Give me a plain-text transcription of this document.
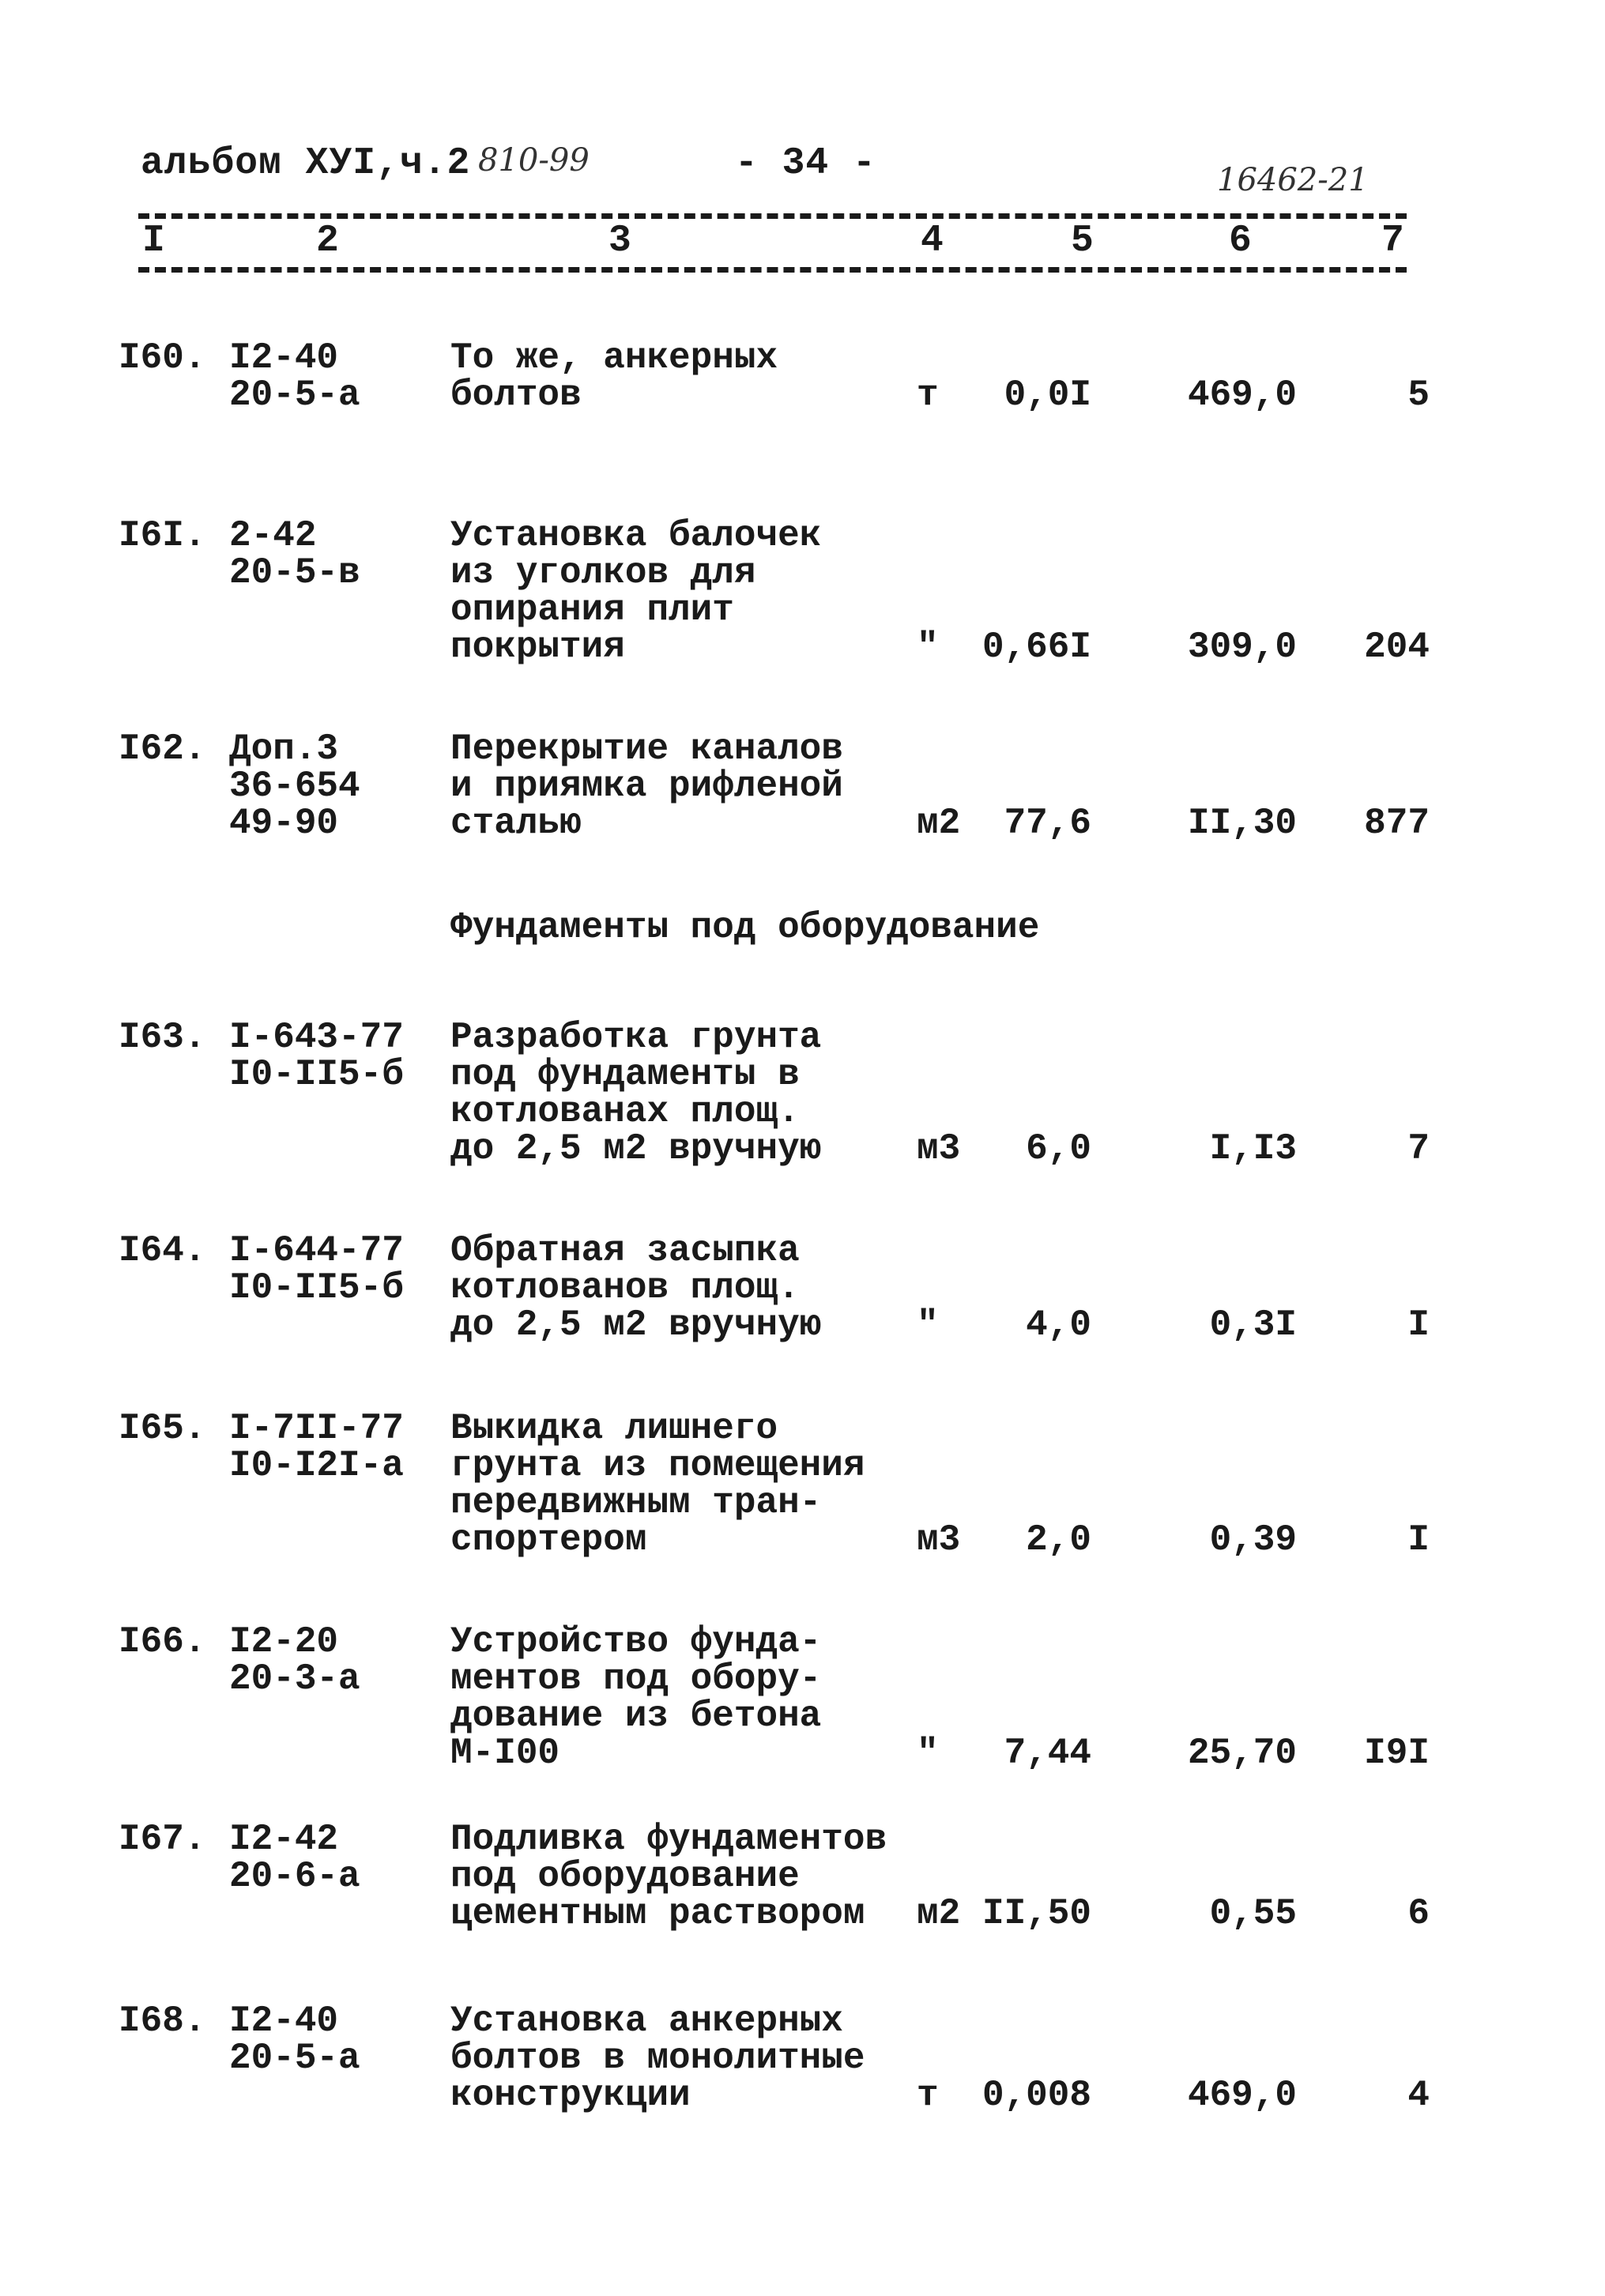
альбом ХУI,ч.2 810-99	- 34 -	16462-21
I	2	3	4	5	6	7
I60. I2-40
20-5-а
То же, анкерных
болтов	т 0,0I	469,0	5
I6I. 2-42
20-5-в
Установка балочек
из уголков для
опирания плит
покрытия	" 0,66I	309,0 204
I62. Доп.3
36-654
49-90
Перекрытие каналов
и приямка рифленой
сталью	м2 77,6	II,30 877
Фундаменты под оборудование
I63. I-643-77
I0-II5-б
Разработка грунта
под фундаменты в
котлованах площ.
до 2,5 м2 вручную	м3 6,0	I,I3	7
I64. I-644-77
I0-II5-б
Обратная засыпка
котлованов площ.
до 2,5 м2 вручную	" 4,0	0,3I	I
I65. I-7II-77
I0-I2I-а
Выкидка лишнего
грунта из помещения
передвижным тран-
спортером	м3 2,0	0,39	I
I66. I2-20
20-3-а
Устройство фунда-
ментов под обору-
дование из бетона
М-I00	" 7,44	25,70 I9I
I67. I2-42
20-6-а
Подливка фундаментов
под оборудование
цементным раствором	м2 II,50	0,55	6
I68. I2-40
20-5-а
Установка анкерных
болтов в монолитные
конструкции	т 0,008	469,0	4
